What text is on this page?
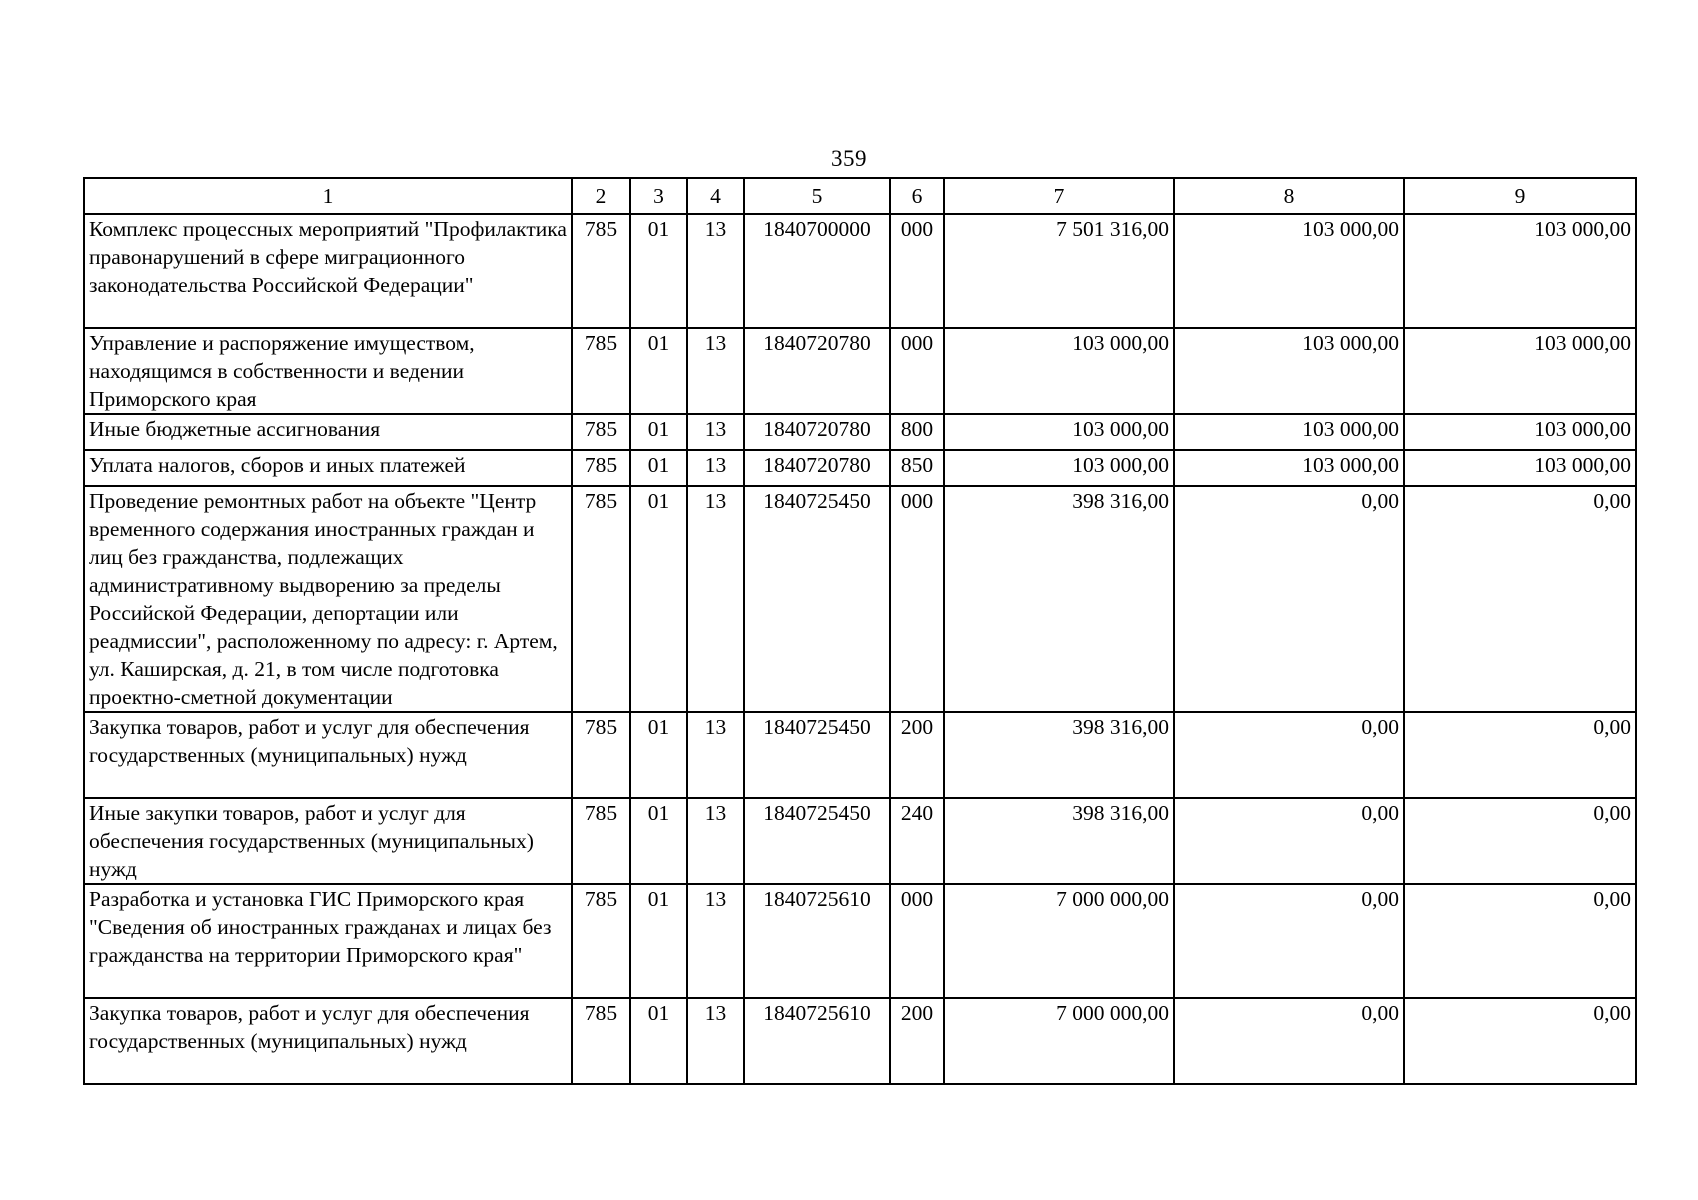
359
1	2	3	4	5	6	7	8	9
Комплекс процессных мероприятий "Профилактика правонарушений в сфере миграционного законодательства Российской Федерации"	785	01	13	1840700000	000	7 501 316,00	103 000,00	103 000,00
Управление и распоряжение имуществом, находящимся в собственности и ведении Приморского края	785	01	13	1840720780	000	103 000,00	103 000,00	103 000,00
Иные бюджетные ассигнования	785	01	13	1840720780	800	103 000,00	103 000,00	103 000,00
Уплата налогов, сборов и иных платежей	785	01	13	1840720780	850	103 000,00	103 000,00	103 000,00
Проведение ремонтных работ на объекте "Центр временного содержания иностранных граждан и лиц без гражданства, подлежащих административному выдворению за пределы Российской Федерации, депортации или реадмиссии", расположенному по адресу: г. Артем, ул. Каширская, д. 21, в том числе подготовка проектно-сметной документации	785	01	13	1840725450	000	398 316,00	0,00	0,00
Закупка товаров, работ и услуг для обеспечения государственных (муниципальных) нужд	785	01	13	1840725450	200	398 316,00	0,00	0,00
Иные закупки товаров, работ и услуг для обеспечения государственных (муниципальных) нужд	785	01	13	1840725450	240	398 316,00	0,00	0,00
Разработка и установка ГИС Приморского края "Сведения об иностранных гражданах и лицах без гражданства на территории Приморского края"	785	01	13	1840725610	000	7 000 000,00	0,00	0,00
Закупка товаров, работ и услуг для обеспечения государственных (муниципальных) нужд	785	01	13	1840725610	200	7 000 000,00	0,00	0,00
